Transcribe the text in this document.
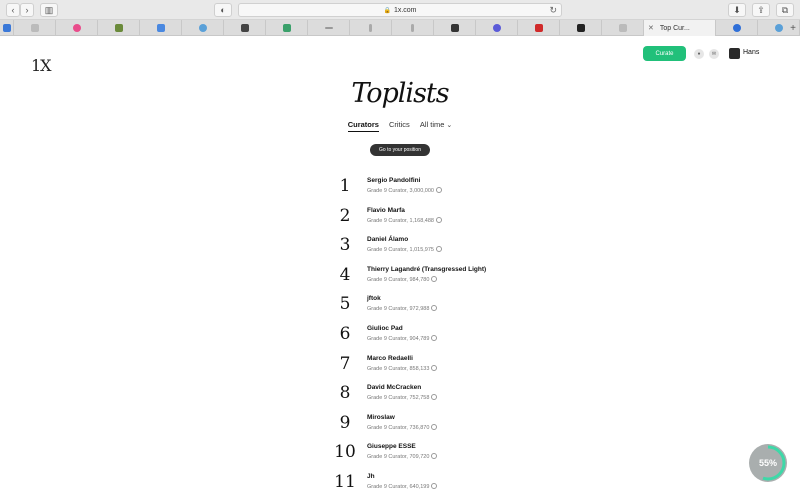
‹	›	▥	◐	🔒 1x.com	↻	⬇	⇪	⧉
✕ Top Cur...	+
1X
Curate	●	✉	Hans
Toplists
Curators Critics All time ⌄
Go to your position
1	Sergio Pandolfini
Grade 9 Curator, 3,000,000
2	Flavio Marfa
Grade 9 Curator, 1,168,488
3	Daniel Álamo
Grade 9 Curator, 1,015,975
4	Thierry Lagandré (Transgressed Light)
Grade 9 Curator, 984,780
5	jftok
Grade 9 Curator, 972,988
6	Giulioc Pad
Grade 9 Curator, 904,789
7	Marco Redaelli
Grade 9 Curator, 858,133
8	David McCracken
Grade 9 Curator, 752,758
9	Miroslaw
Grade 9 Curator, 736,870
10 Giuseppe ESSE
Grade 9 Curator, 709,720
11 Jh
Grade 9 Curator, 640,199
55%
